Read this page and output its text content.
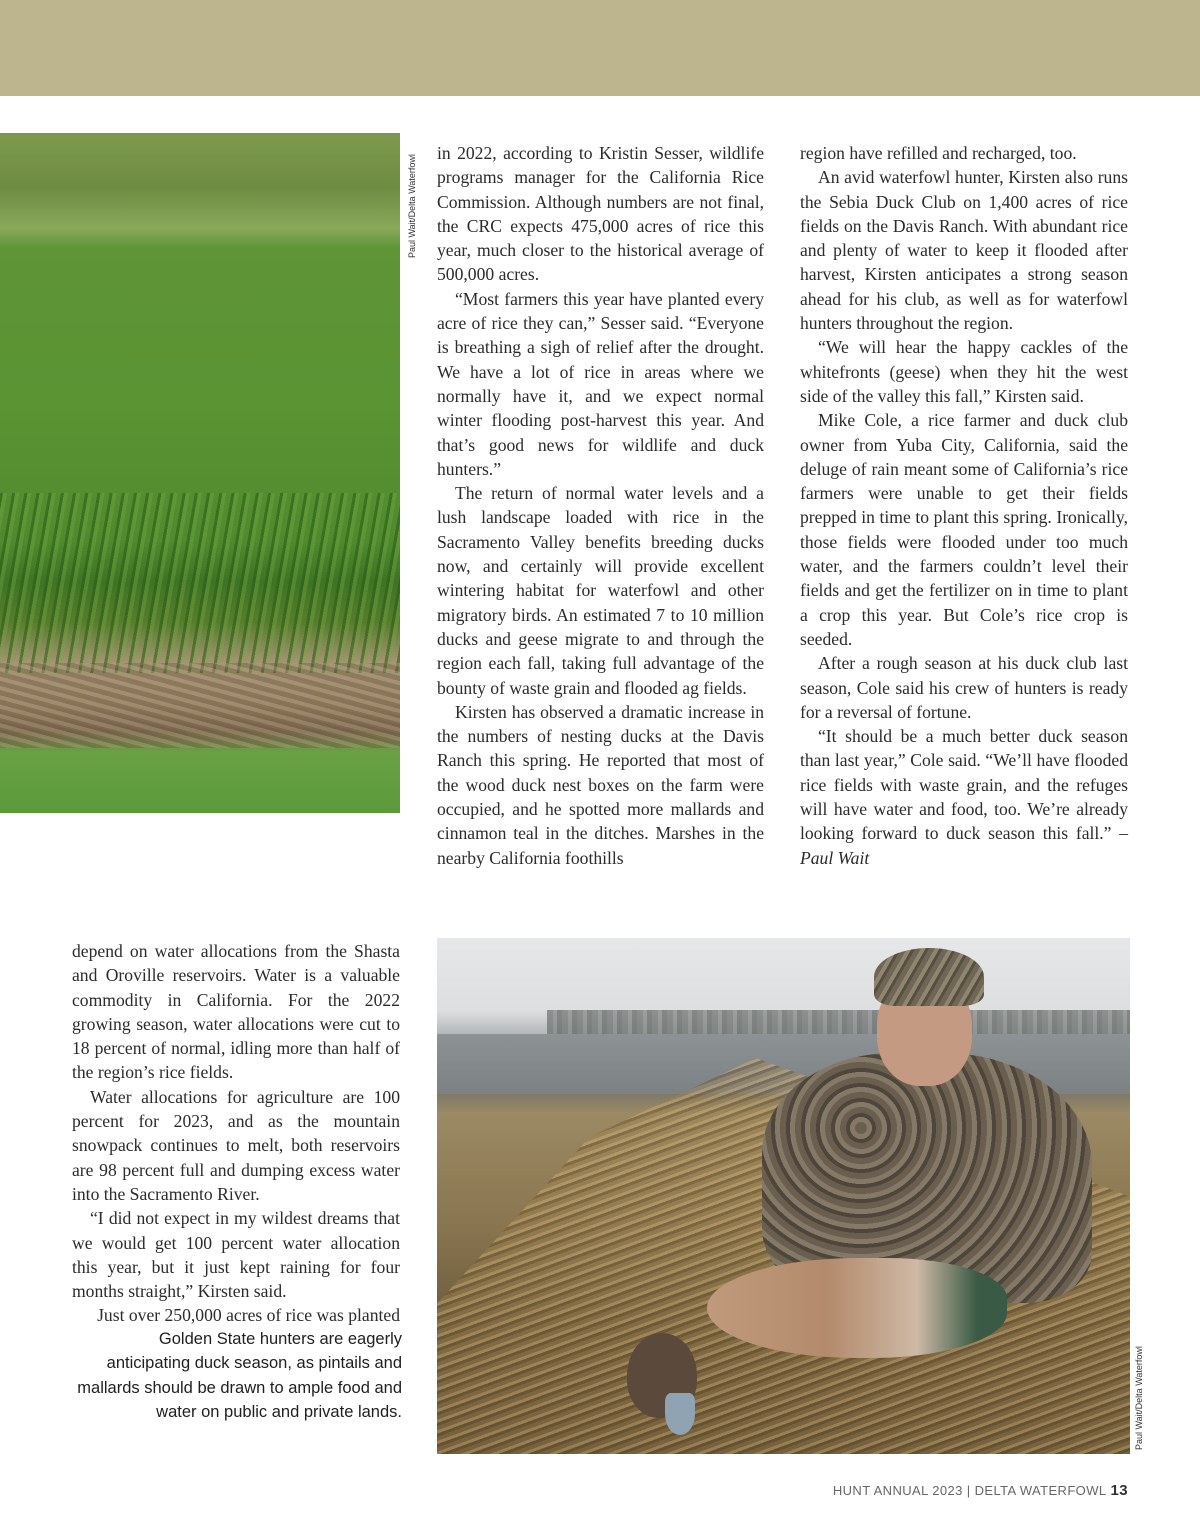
Paul Wait/Delta Waterfowl

in 2022, according to Kristin Sesser, wildlife programs manager for the California Rice Commission. Although numbers are not final, the CRC expects 475,000 acres of rice this year, much closer to the historical average of 500,000 acres.

“Most farmers this year have planted every acre of rice they can,” Sesser said. “Everyone is breathing a sigh of relief after the drought. We have a lot of rice in areas where we normally have it, and we expect normal winter flooding post-harvest this year. And that’s good news for wildlife and duck hunters.”

The return of normal water levels and a lush landscape loaded with rice in the Sacramento Valley benefits breeding ducks now, and certainly will provide excellent wintering habitat for waterfowl and other migratory birds. An estimated 7 to 10 million ducks and geese migrate to and through the region each fall, taking full advantage of the bounty of waste grain and flooded ag fields.

Kirsten has observed a dramatic increase in the numbers of nesting ducks at the Davis Ranch this spring. He reported that most of the wood duck nest boxes on the farm were occupied, and he spotted more mallards and cinnamon teal in the ditches. Marshes in the nearby California foothills

region have refilled and recharged, too.

An avid waterfowl hunter, Kirsten also runs the Sebia Duck Club on 1,400 acres of rice fields on the Davis Ranch. With abundant rice and plenty of water to keep it flooded after harvest, Kirsten anticipates a strong season ahead for his club, as well as for waterfowl hunters throughout the region.

“We will hear the happy cackles of the whitefronts (geese) when they hit the west side of the valley this fall,” Kirsten said.

Mike Cole, a rice farmer and duck club owner from Yuba City, California, said the deluge of rain meant some of California’s rice farmers were unable to get their fields prepped in time to plant this spring. Ironically, those fields were flooded under too much water, and the farmers couldn’t level their fields and get the fertilizer on in time to plant a crop this year. But Cole’s rice crop is seeded.

After a rough season at his duck club last season, Cole said his crew of hunters is ready for a reversal of fortune.

“It should be a much better duck season than last year,” Cole said. “We’ll have flooded rice fields with waste grain, and the refuges will have water and food, too. We’re already looking forward to duck season this fall.” –Paul Wait

depend on water allocations from the Shasta and Oroville reservoirs. Water is a valuable commodity in California. For the 2022 growing season, water allocations were cut to 18 percent of normal, idling more than half of the region’s rice fields.

Water allocations for agriculture are 100 percent for 2023, and as the mountain snowpack continues to melt, both reservoirs are 98 percent full and dumping excess water into the Sacramento River.

“I did not expect in my wildest dreams that we would get 100 percent water allocation this year, but it just kept raining for four months straight,” Kirsten said.

Just over 250,000 acres of rice was planted

Golden State hunters are eagerly anticipating duck season, as pintails and mallards should be drawn to ample food and water on public and private lands.	Paul Wait/Delta Waterfowl
HUNT ANNUAL 2023 | DELTA WATERFOWL 13
